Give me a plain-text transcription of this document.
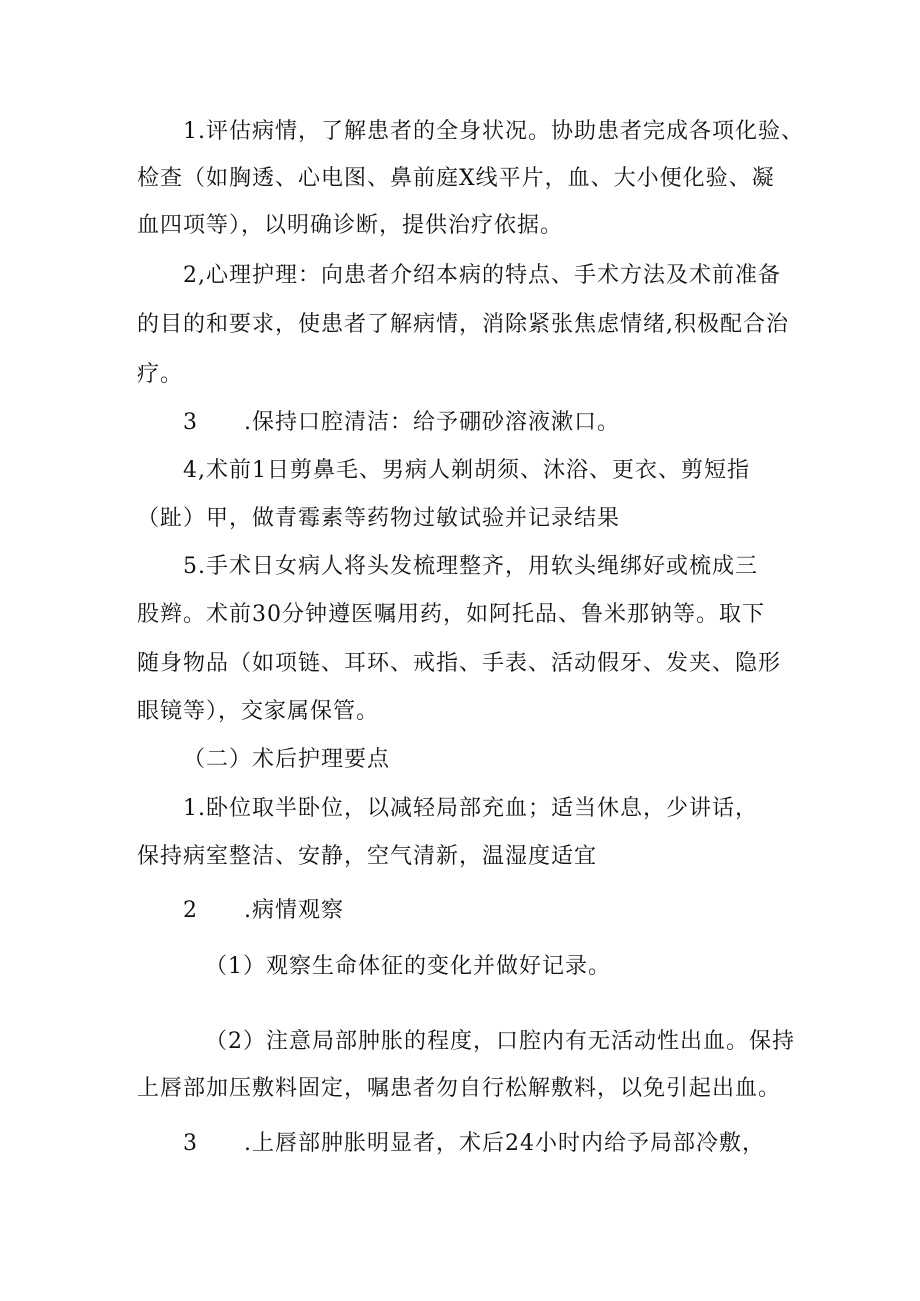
1.评估病情，了解患者的全身状况。协助患者完成各项化验、
检查（如胸透、心电图、鼻前庭X线平片，血、大小便化验、凝
血四项等），以明确诊断，提供治疗依据。
2,心理护理：向患者介绍本病的特点、手术方法及术前准备
的目的和要求，使患者了解病情，消除紧张焦虑情绪,积极配合治
疗。
3　　.保持口腔清洁：给予硼砂溶液漱口。
4,术前1日剪鼻毛、男病人剃胡须、沐浴、更衣、剪短指
（趾）甲，做青霉素等药物过敏试验并记录结果
5.手术日女病人将头发梳理整齐，用软头绳绑好或梳成三
股辫。术前30分钟遵医嘱用药，如阿托品、鲁米那钠等。取下
随身物品（如项链、耳环、戒指、手表、活动假牙、发夹、隐形
眼镜等），交家属保管。
（二）术后护理要点
1.卧位取半卧位，以减轻局部充血；适当休息，少讲话，
保持病室整洁、安静，空气清新，温湿度适宜
2　　.病情观察
（1）观察生命体征的变化并做好记录。
（2）注意局部肿胀的程度，口腔内有无活动性出血。保持
上唇部加压敷料固定，嘱患者勿自行松解敷料，以免引起出血。
3　　.上唇部肿胀明显者，术后24小时内给予局部冷敷，
